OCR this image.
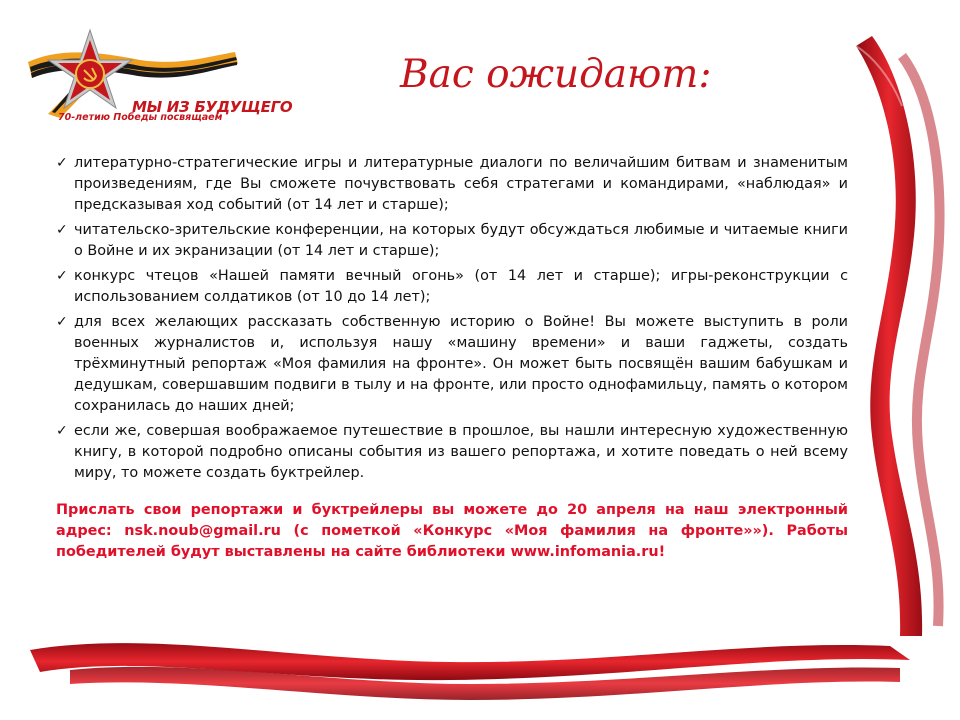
МЫ ИЗ БУДУЩЕГО
70-летию Победы посвящаем
Вас ожидают:
✓ литературно-стратегические игры и литературные диалоги по величайшим битвам и знаменитым произведениям, где Вы сможете почувствовать себя стратегами и командирами, «наблюдая» и предсказывая ход событий (от 14 лет и старше);
✓ читательско-зрительские конференции, на которых будут обсуждаться любимые и читаемые книги о Войне и их экранизации (от 14 лет и старше);
✓ конкурс чтецов «Нашей памяти вечный огонь» (от 14 лет и старше); игры-реконструкции с использованием солдатиков (от 10 до 14 лет);
✓ для всех желающих рассказать собственную историю о Войне! Вы можете выступить в роли военных журналистов и, используя нашу «машину времени» и ваши гаджеты, создать трёхминутный репортаж «Моя фамилия на фронте». Он может быть посвящён вашим бабушкам и дедушкам, совершавшим подвиги в тылу и на фронте, или просто однофамильцу, память о котором сохранилась до наших дней;
✓ если же, совершая воображаемое путешествие в прошлое, вы нашли интересную художественную книгу, в которой подробно описаны события из вашего репортажа, и хотите поведать о ней всему миру, то можете создать буктрейлер.
Прислать свои репортажи и буктрейлеры вы можете до 20 апреля на наш электронный адрес: nsk.noub@gmail.ru (с пометкой «Конкурс «Моя фамилия на фронте»»). Работы победителей будут выставлены на сайте библиотеки www.infomania.ru!
